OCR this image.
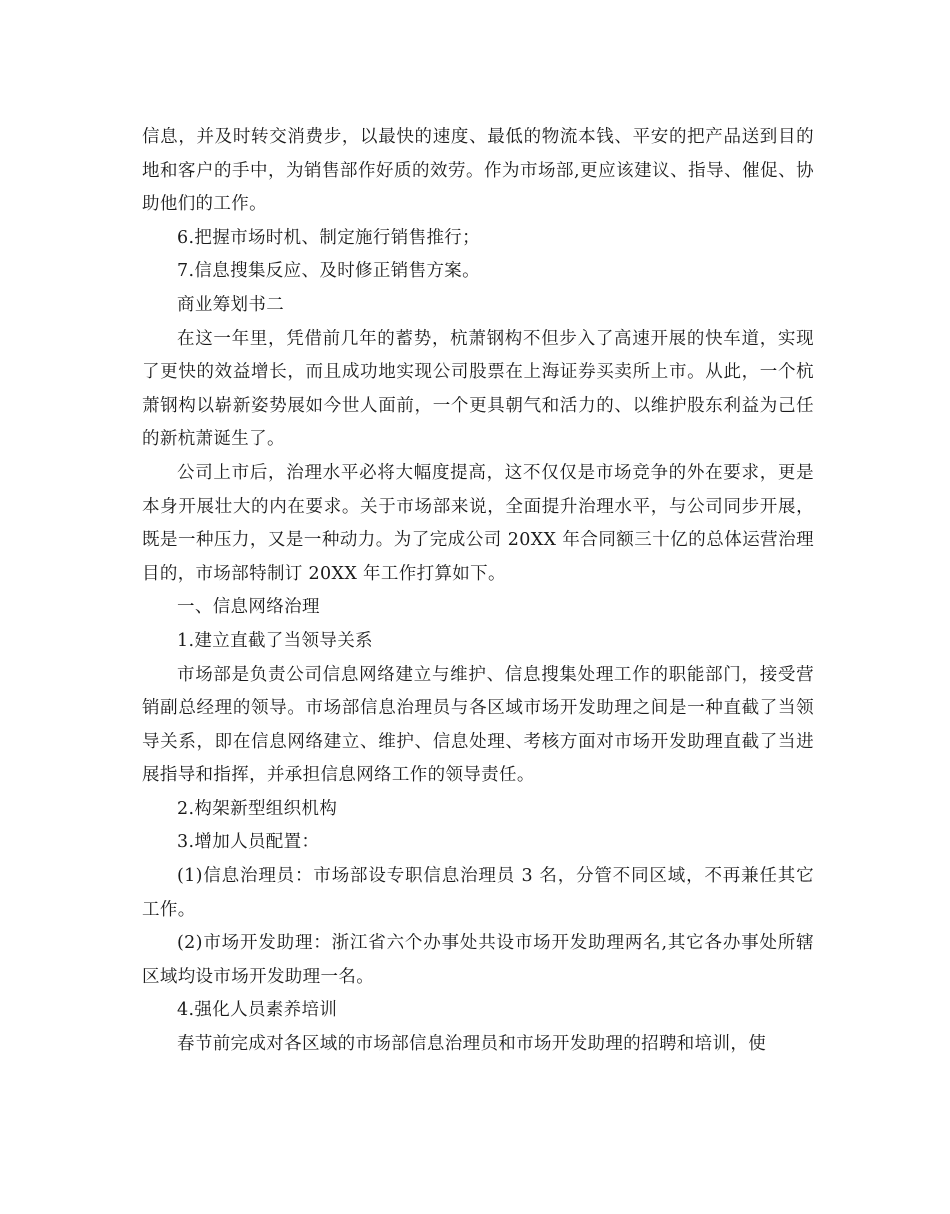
信息，并及时转交消费步，以最快的速度、最低的物流本钱、平安的把产品送到目的地和客户的手中，为销售部作好质的效劳。作为市场部,更应该建议、指导、催促、协助他们的工作。

6.把握市场时机、制定施行销售推行；

7.信息搜集反应、及时修正销售方案。

商业筹划书二

在这一年里，凭借前几年的蓄势，杭萧钢构不但步入了高速开展的快车道，实现了更快的效益增长，而且成功地实现公司股票在上海证券买卖所上市。从此，一个杭萧钢构以崭新姿势展如今世人面前，一个更具朝气和活力的、以维护股东利益为己任的新杭萧诞生了。

公司上市后，治理水平必将大幅度提高，这不仅仅是市场竞争的外在要求，更是本身开展壮大的内在要求。关于市场部来说，全面提升治理水平，与公司同步开展，既是一种压力，又是一种动力。为了完成公司 20XX 年合同额三十亿的总体运营治理目的，市场部特制订 20XX 年工作打算如下。

一、信息网络治理

1.建立直截了当领导关系

市场部是负责公司信息网络建立与维护、信息搜集处理工作的职能部门，接受营销副总经理的领导。市场部信息治理员与各区域市场开发助理之间是一种直截了当领导关系，即在信息网络建立、维护、信息处理、考核方面对市场开发助理直截了当进展指导和指挥，并承担信息网络工作的领导责任。

2.构架新型组织机构

3.增加人员配置：

(1)信息治理员：市场部设专职信息治理员 3 名，分管不同区域，不再兼任其它工作。

(2)市场开发助理：浙江省六个办事处共设市场开发助理两名,其它各办事处所辖区域均设市场开发助理一名。

4.强化人员素养培训

春节前完成对各区域的市场部信息治理员和市场开发助理的招聘和培训，使
